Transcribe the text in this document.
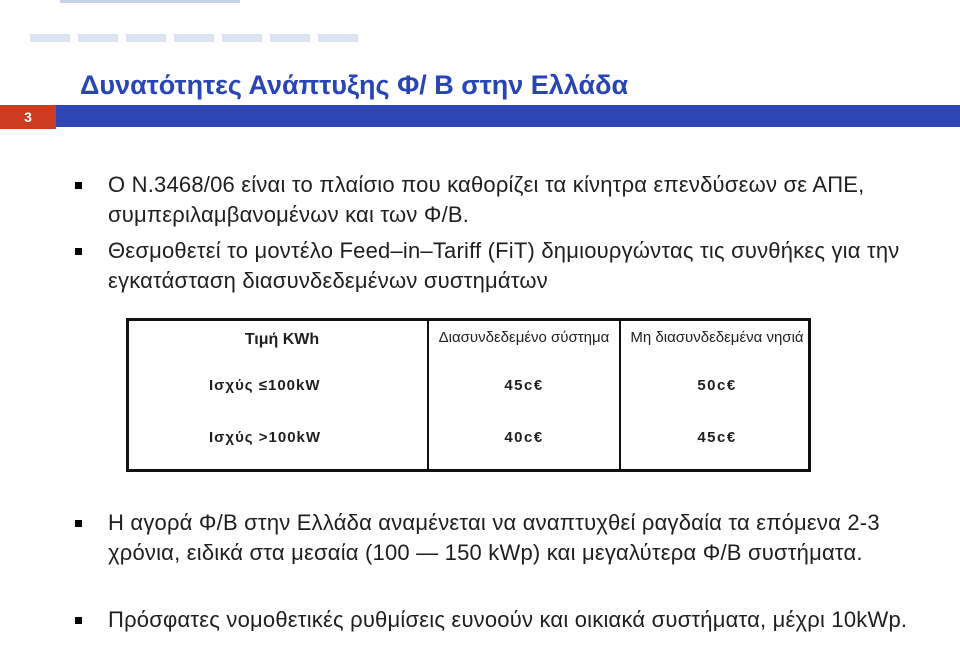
Δυνατότητες Ανάπτυξης Φ/ Β στην Ελλάδα
3
Ο Ν.3468/06 είναι το πλαίσιο που καθορίζει τα κίνητρα επενδύσεων σε ΑΠΕ, συμπεριλαμβανομένων και των Φ/Β.
Θεσμοθετεί το μοντέλο Feed‒in‒Tariff (FiT) δημιουργώντας τις συνθήκες για την εγκατάσταση διασυνδεδεμένων συστημάτων
Τιμή KWh	Διασυνδεδεμένο σύστημα	Μη διασυνδεδεμένα νησιά
Ισχύς ≤100kW	45c€	50c€
Ισχύς >100kW	40c€	45c€
Η αγορά Φ/Β στην Ελλάδα αναμένεται να αναπτυχθεί ραγδαία τα επόμενα 2-3 χρόνια, ειδικά στα μεσαία (100 ― 150 kWp) και μεγαλύτερα Φ/Β συστήματα.
Πρόσφατες νομοθετικές ρυθμίσεις ευνοούν και οικιακά συστήματα, μέχρι 10kWp.
